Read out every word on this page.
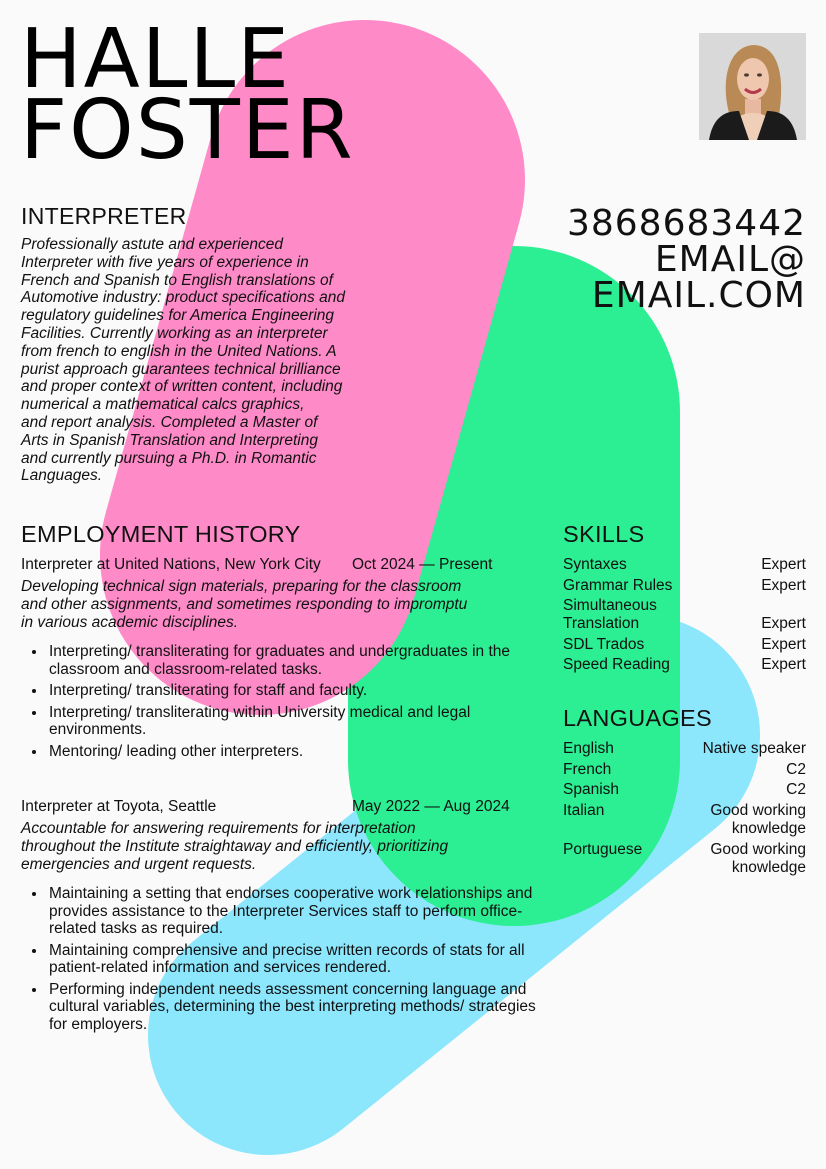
HALLE
FOSTER
INTERPRETER
Professionally astute and experienced
Interpreter with five years of experience in
French and Spanish to English translations of
Automotive industry: product specifications and
regulatory guidelines for America Engineering
Facilities. Currently working as an interpreter
from french to english in the United Nations. A
purist approach guarantees technical brilliance
and proper context of written content, including
numerical a mathematical calcs graphics,
and report analysis. Completed a Master of
Arts in Spanish Translation and Interpreting
and currently pursuing a Ph.D. in Romantic
Languages.
3868683442
EMAIL@
EMAIL.COM
EMPLOYMENT HISTORY
Interpreter at United Nations, New York City	Oct 2024 — Present
Developing technical sign materials, preparing for the classroom
and other assignments, and sometimes responding to impromptu
in various academic disciplines.
Interpreting/ transliterating for graduates and undergraduates in the classroom and classroom-related tasks.
Interpreting/ transliterating for staff and faculty.
Interpreting/ transliterating within University medical and legal environments.
Mentoring/ leading other interpreters.
Interpreter at Toyota, Seattle	May 2022 — Aug 2024
Accountable for answering requirements for interpretation
throughout the Institute straightaway and efficiently, prioritizing
emergencies and urgent requests.
Maintaining a setting that endorses cooperative work relationships and provides assistance to the Interpreter Services staff to perform office-related tasks as required.
Maintaining comprehensive and precise written records of stats for all patient-related information and services rendered.
Performing independent needs assessment concerning language and cultural variables, determining the best interpreting methods/ strategies for employers.
SKILLS
Syntaxes	Expert
Grammar Rules	Expert
Simultaneous Translation	Expert
SDL Trados	Expert
Speed Reading	Expert
LANGUAGES
English	Native speaker
French	C2
Spanish	C2
Italian	Good working knowledge
Portuguese	Good working knowledge
